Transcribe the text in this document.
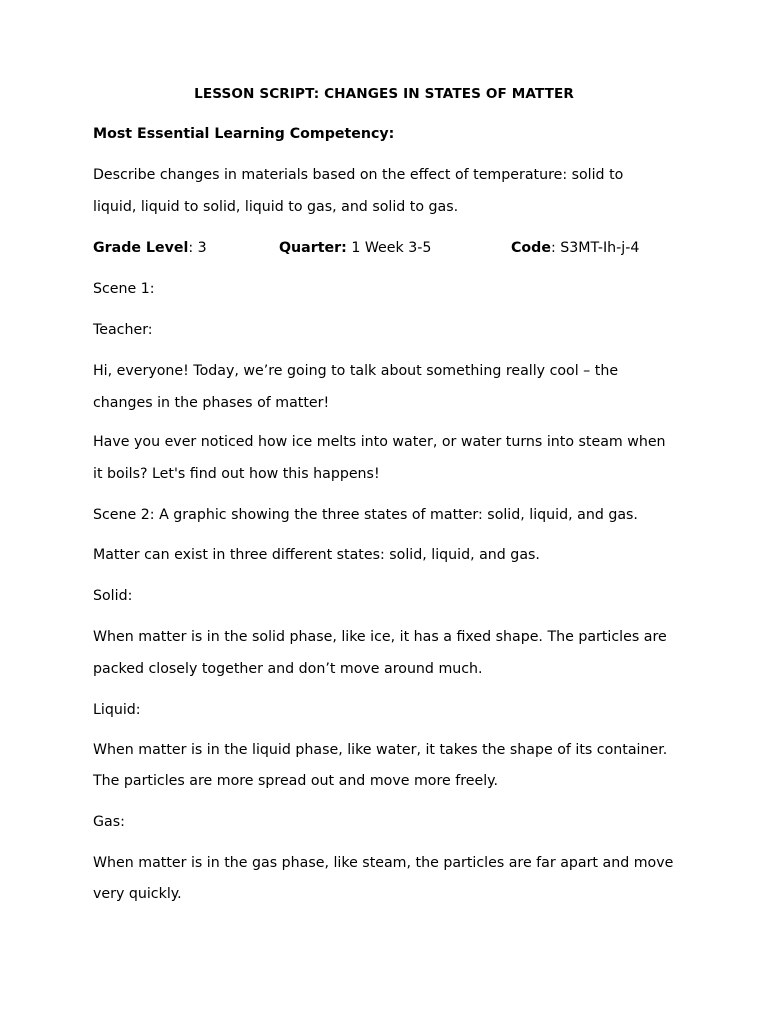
LESSON SCRIPT: CHANGES IN STATES OF MATTER
Most Essential Learning Competency:
Describe changes in materials based on the effect of temperature: solid to
liquid, liquid to solid, liquid to gas, and solid to gas.
Grade Level: 3	Quarter: 1 Week 3-5	Code: S3MT-Ih-j-4
Scene 1:
Teacher:
Hi, everyone! Today, we’re going to talk about something really cool – the
changes in the phases of matter!
Have you ever noticed how ice melts into water, or water turns into steam when
it boils? Let's find out how this happens!
Scene 2: A graphic showing the three states of matter: solid, liquid, and gas.
Matter can exist in three different states: solid, liquid, and gas.
Solid:
When matter is in the solid phase, like ice, it has a fixed shape. The particles are
packed closely together and don’t move around much.
Liquid:
When matter is in the liquid phase, like water, it takes the shape of its container.
The particles are more spread out and move more freely.
Gas:
When matter is in the gas phase, like steam, the particles are far apart and move
very quickly.
